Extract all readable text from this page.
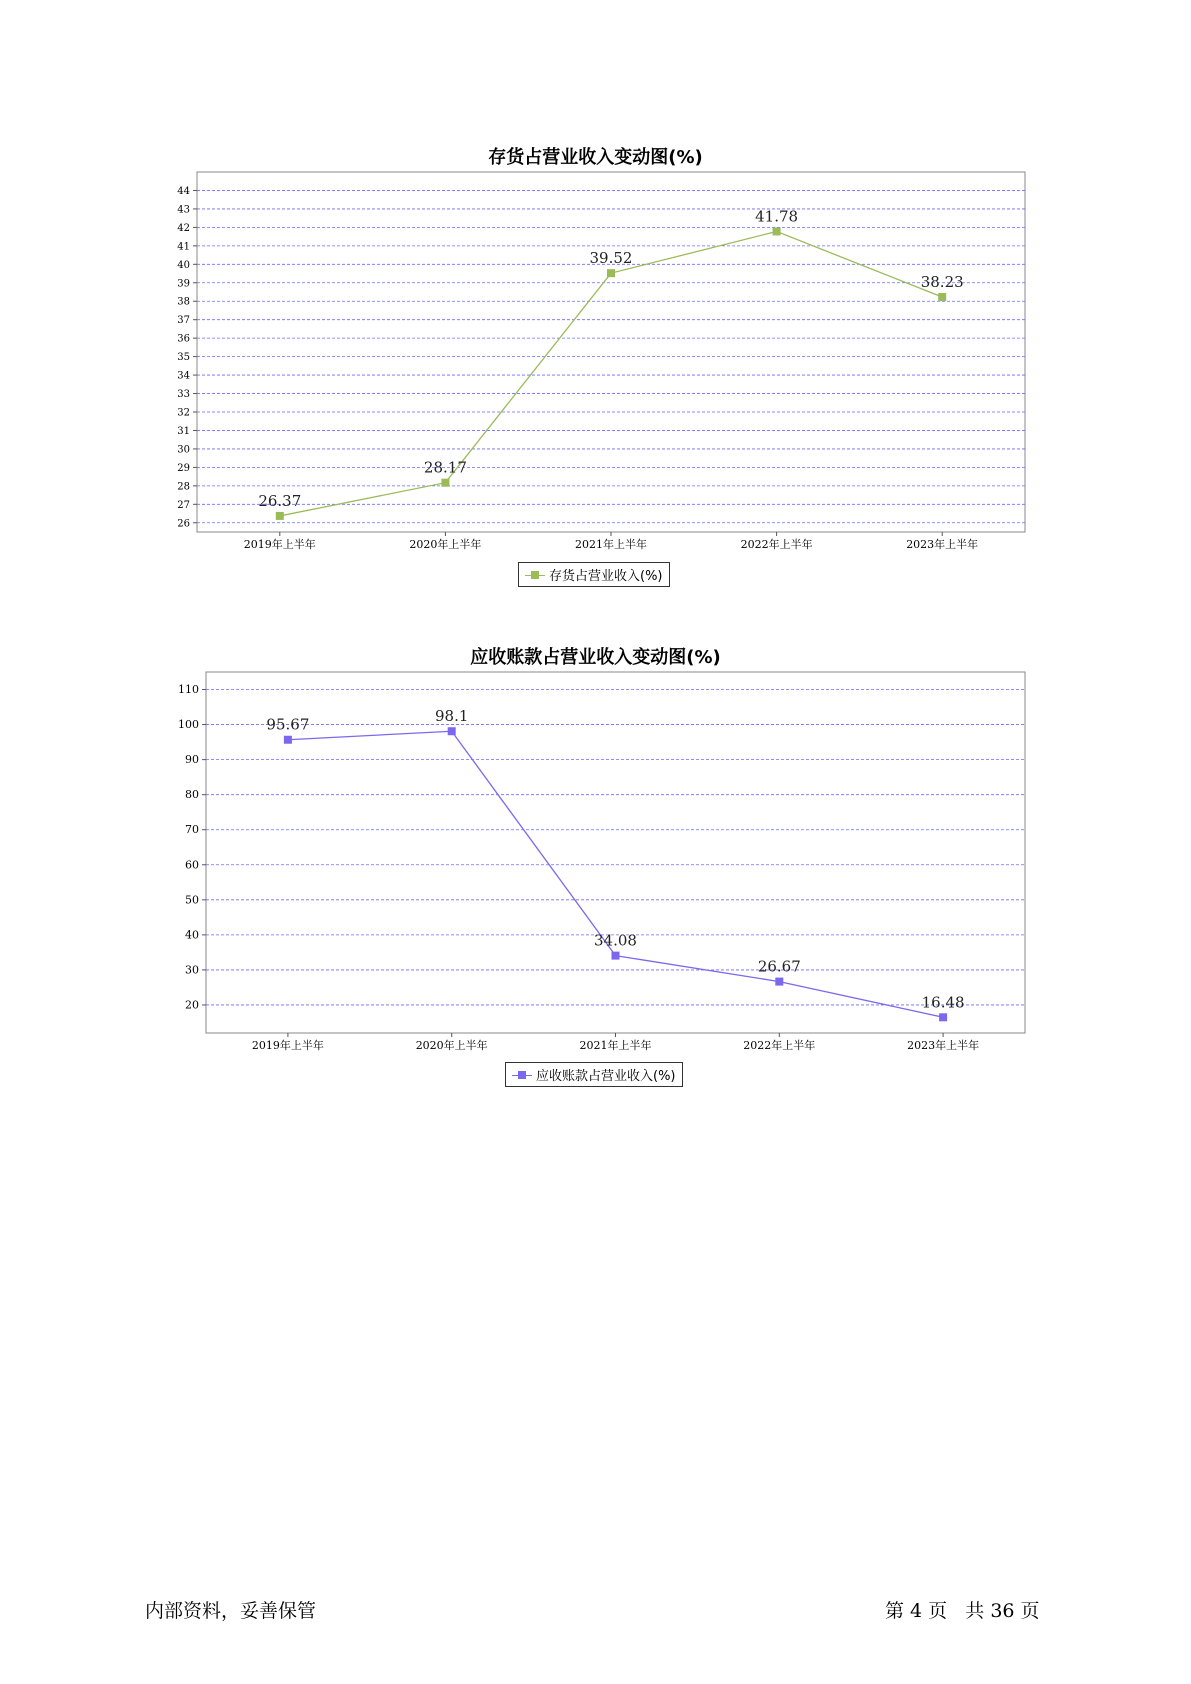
存货占营业收入变动图(%)
26
27
28
29
30
31
32
33
34
35
36
37
38
39
40
41
42
43
44
2019年上半年	2020年上半年	2021年上半年	2022年上半年	2023年上半年
26.37
28.17
39.52
41.78
38.23
存货占营业收入(%)
应收账款占营业收入变动图(%)
20
30
40
50
60
70
80
90
100
110
2019年上半年	2020年上半年	2021年上半年	2022年上半年	2023年上半年
95.67	98.1
34.08
26.67
16.48
应收账款占营业收入(%)
内部资料，妥善保管	第 4 页   共 36 页
